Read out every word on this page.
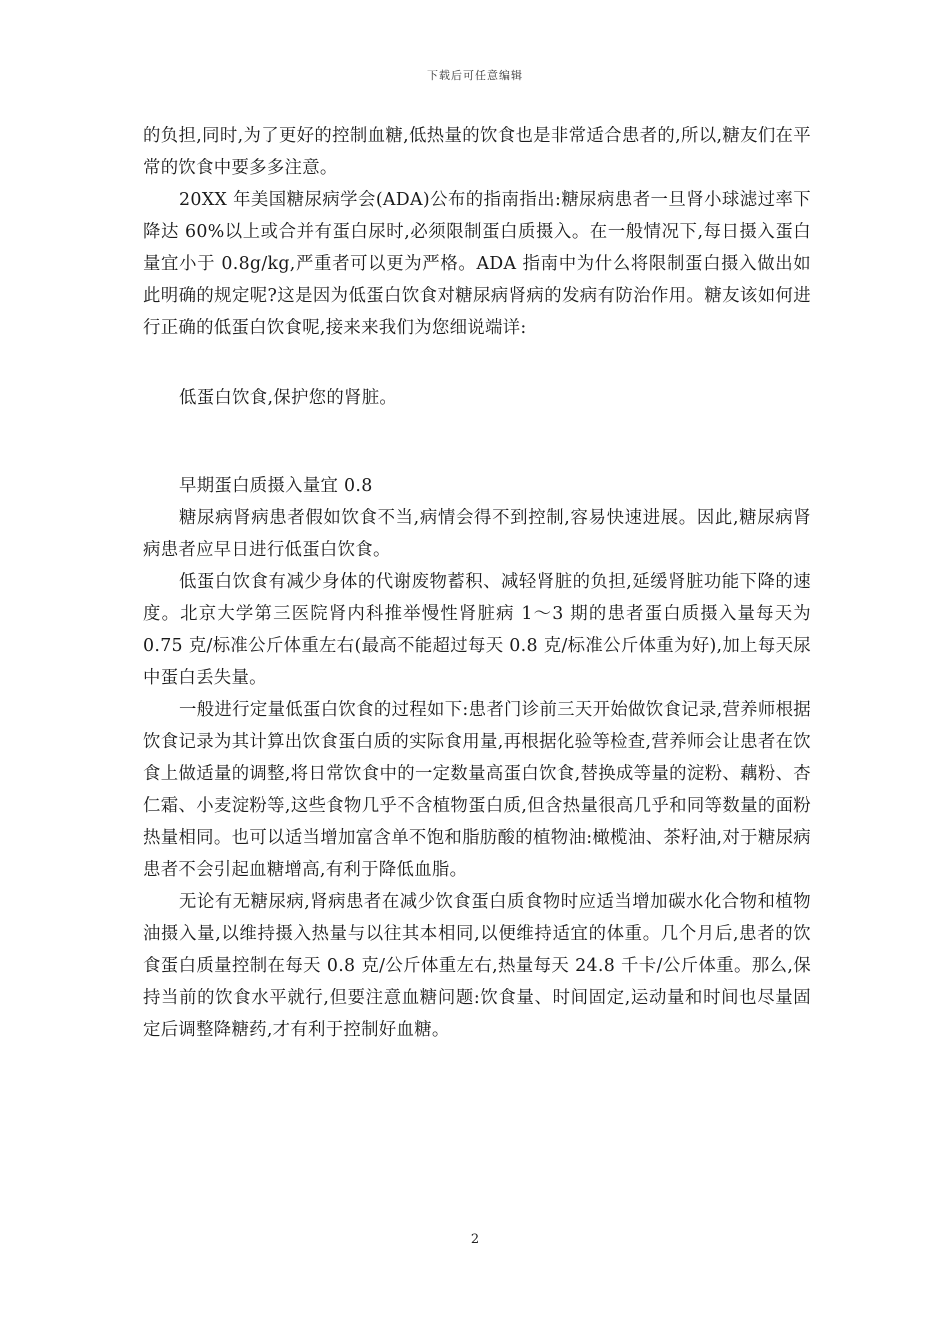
下载后可任意编辑

的负担,同时,为了更好的控制血糖,低热量的饮食也是非常适合患者的,所以,糖友们在平常的饮食中要多多注意。

20XX 年美国糖尿病学会(ADA)公布的指南指出:糖尿病患者一旦肾小球滤过率下降达 60%以上或合并有蛋白尿时,必须限制蛋白质摄入。在一般情况下,每日摄入蛋白量宜小于 0.8g/kg,严重者可以更为严格。ADA 指南中为什么将限制蛋白摄入做出如此明确的规定呢?这是因为低蛋白饮食对糖尿病肾病的发病有防治作用。糖友该如何进行正确的低蛋白饮食呢,接来来我们为您细说端详:

低蛋白饮食,保护您的肾脏。

早期蛋白质摄入量宜 0.8

糖尿病肾病患者假如饮食不当,病情会得不到控制,容易快速进展。因此,糖尿病肾病患者应早日进行低蛋白饮食。

低蛋白饮食有减少身体的代谢废物蓄积、减轻肾脏的负担,延缓肾脏功能下降的速度。北京大学第三医院肾内科推举慢性肾脏病 1～3 期的患者蛋白质摄入量每天为 0.75 克/标准公斤体重左右(最高不能超过每天 0.8 克/标准公斤体重为好),加上每天尿中蛋白丢失量。

一般进行定量低蛋白饮食的过程如下:患者门诊前三天开始做饮食记录,营养师根据饮食记录为其计算出饮食蛋白质的实际食用量,再根据化验等检查,营养师会让患者在饮食上做适量的调整,将日常饮食中的一定数量高蛋白饮食,替换成等量的淀粉、藕粉、杏仁霜、小麦淀粉等,这些食物几乎不含植物蛋白质,但含热量很高几乎和同等数量的面粉热量相同。也可以适当增加富含单不饱和脂肪酸的植物油:橄榄油、茶籽油,对于糖尿病患者不会引起血糖增高,有利于降低血脂。

无论有无糖尿病,肾病患者在减少饮食蛋白质食物时应适当增加碳水化合物和植物油摄入量,以维持摄入热量与以往其本相同,以便维持适宜的体重。几个月后,患者的饮食蛋白质量控制在每天 0.8 克/公斤体重左右,热量每天 24.8 千卡/公斤体重。那么,保持当前的饮食水平就行,但要注意血糖问题:饮食量、时间固定,运动量和时间也尽量固定后调整降糖药,才有利于控制好血糖。

2
